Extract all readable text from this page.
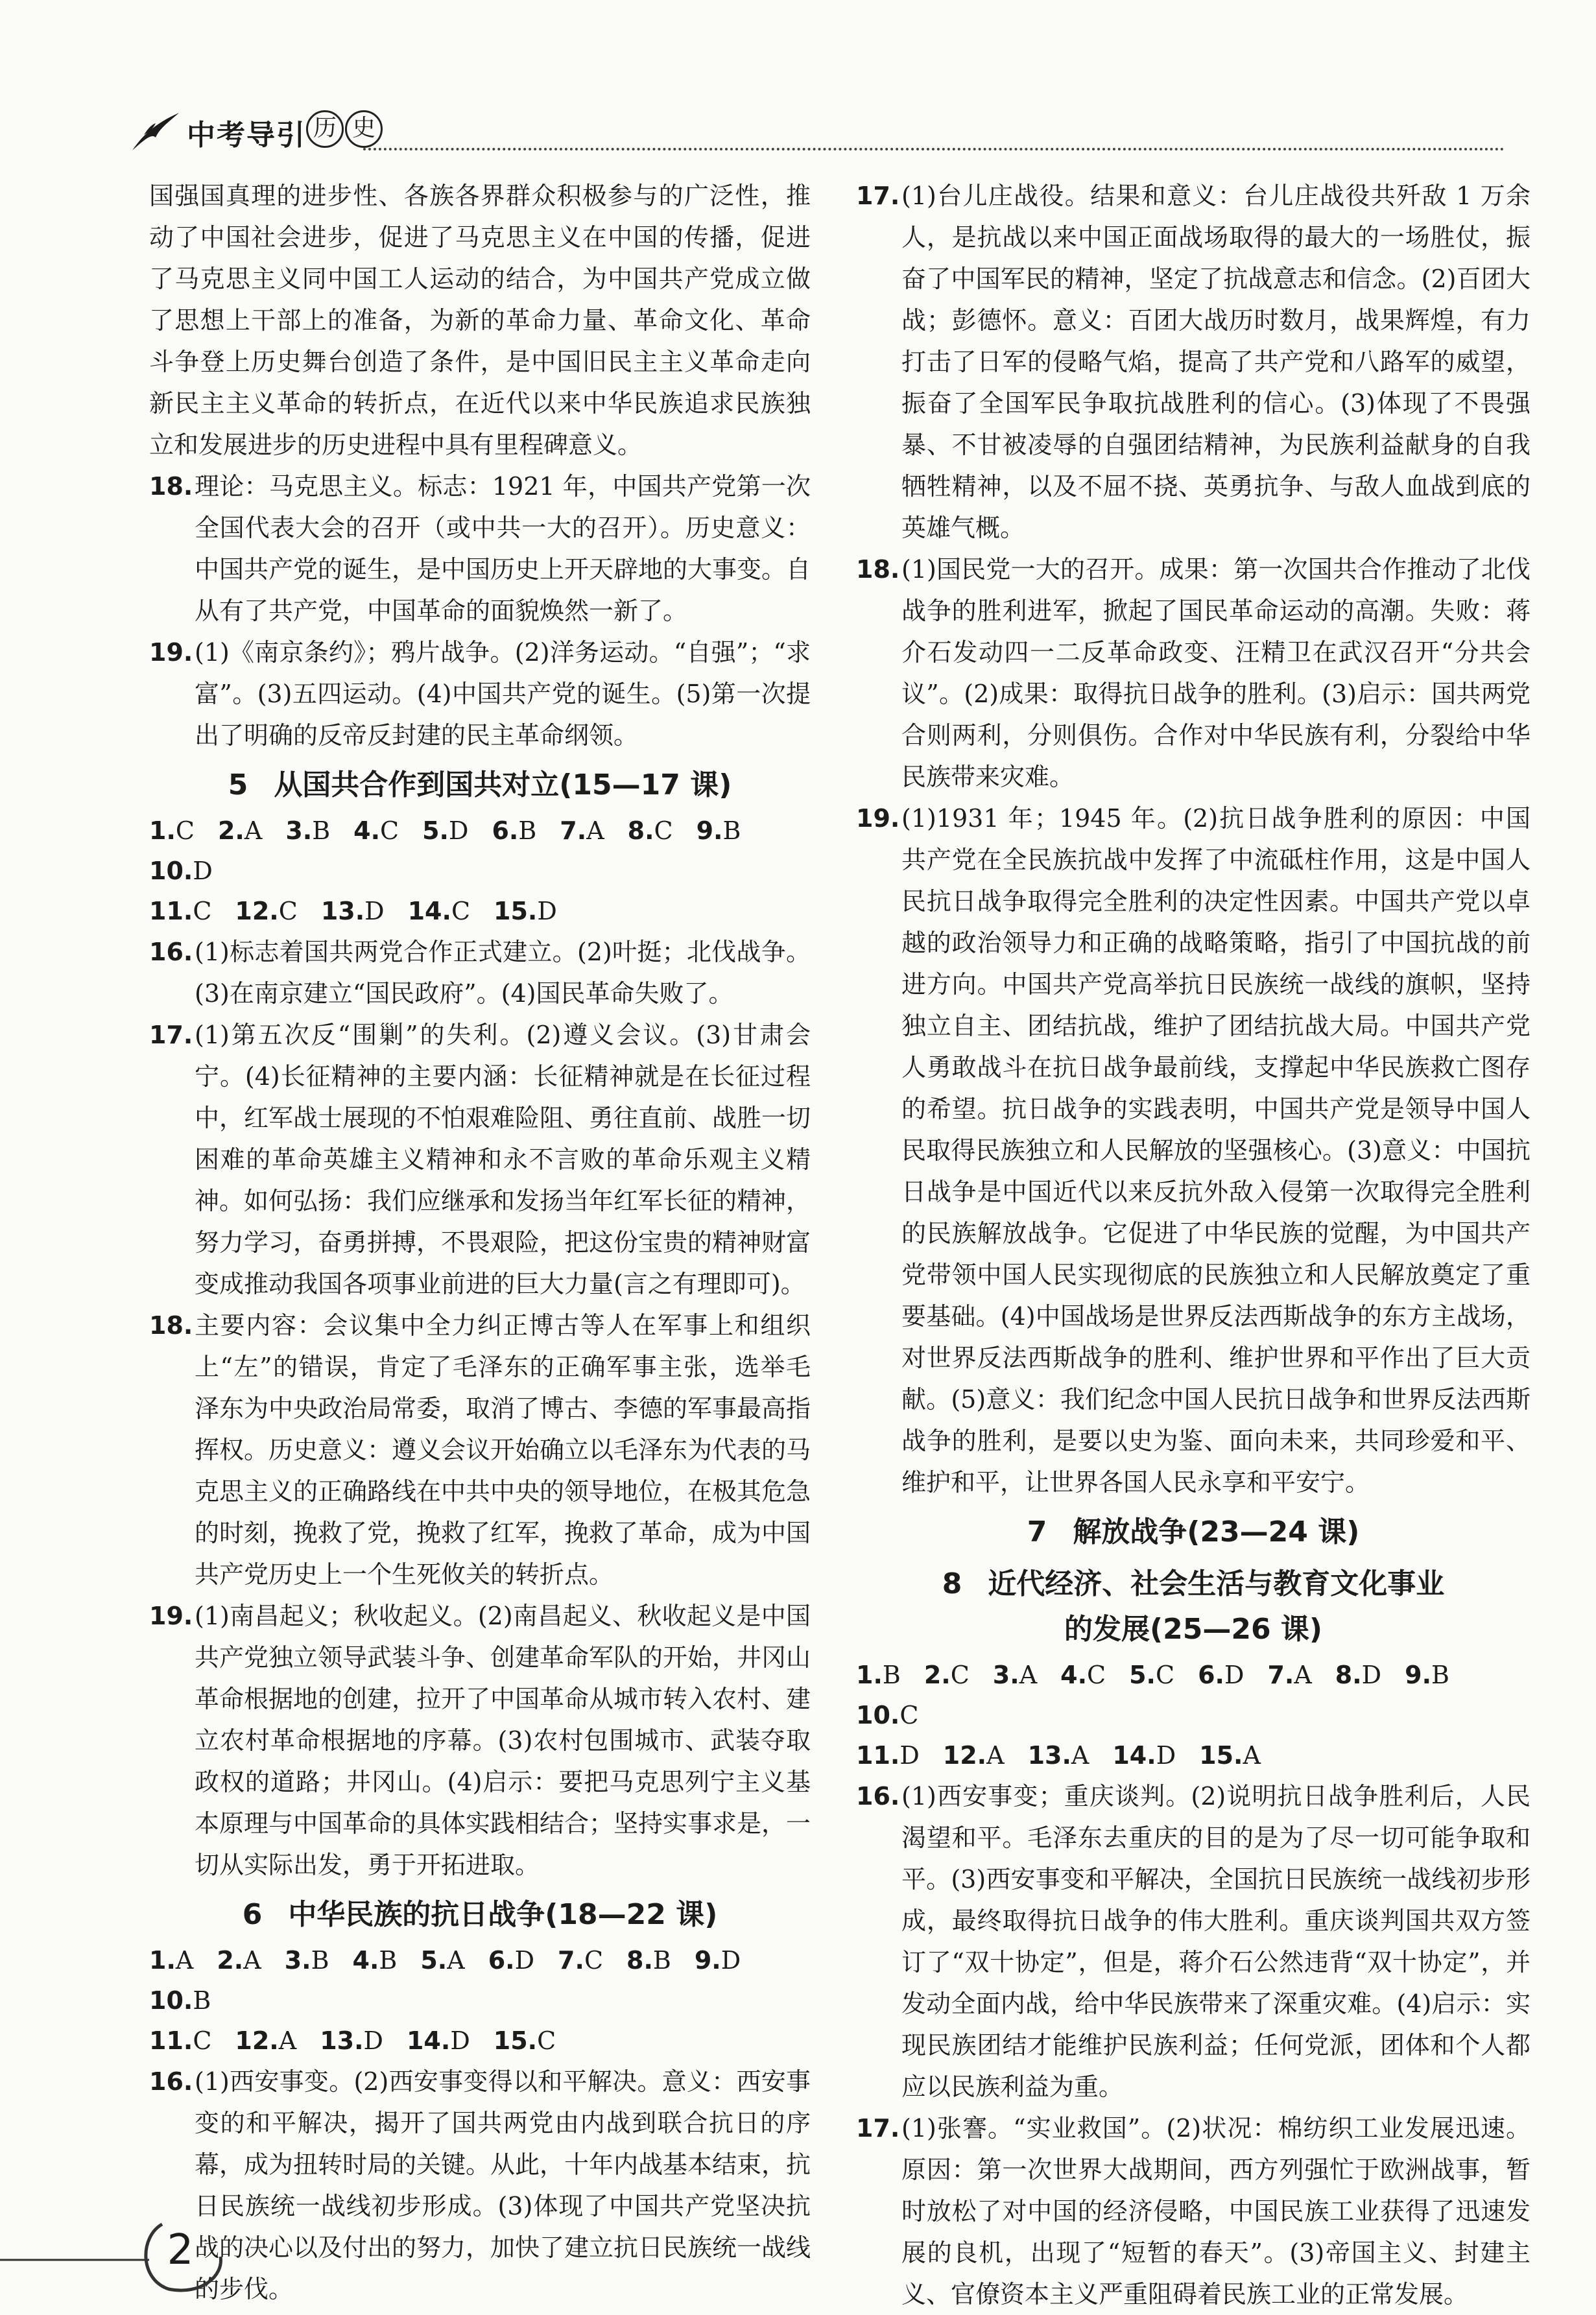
中考导引 历 史

国强国真理的进步性、各族各界群众积极参与的广泛性，推动了中国社会进步，促进了马克思主义在中国的传播，促进了马克思主义同中国工人运动的结合，为中国共产党成立做了思想上干部上的准备，为新的革命力量、革命文化、革命斗争登上历史舞台创造了条件，是中国旧民主主义革命走向新民主主义革命的转折点，在近代以来中华民族追求民族独立和发展进步的历史进程中具有里程碑意义。

18. 理论：马克思主义。标志：1921 年，中国共产党第一次全国代表大会的召开（或中共一大的召开）。历史意义：中国共产党的诞生，是中国历史上开天辟地的大事变。自从有了共产党，中国革命的面貌焕然一新了。
19. (1)《南京条约》；鸦片战争。(2)洋务运动。“自强”；“求富”。(3)五四运动。(4)中国共产党的诞生。(5)第一次提出了明确的反帝反封建的民主革命纲领。
5 从国共合作到国共对立(15—17 课)
1.C 2.A 3.B 4.C 5.D 6.B 7.A 8.C 9.B10.D
11.C 12.C 13.D 14.C 15.D
16. (1)标志着国共两党合作正式建立。(2)叶挺；北伐战争。(3)在南京建立“国民政府”。(4)国民革命失败了。
17. (1)第五次反“围剿”的失利。(2)遵义会议。(3)甘肃会宁。(4)长征精神的主要内涵：长征精神就是在长征过程中，红军战士展现的不怕艰难险阻、勇往直前、战胜一切困难的革命英雄主义精神和永不言败的革命乐观主义精神。如何弘扬：我们应继承和发扬当年红军长征的精神，努力学习，奋勇拼搏，不畏艰险，把这份宝贵的精神财富变成推动我国各项事业前进的巨大力量(言之有理即可)。
18. 主要内容：会议集中全力纠正博古等人在军事上和组织上“左”的错误，肯定了毛泽东的正确军事主张，选举毛泽东为中央政治局常委，取消了博古、李德的军事最高指挥权。历史意义：遵义会议开始确立以毛泽东为代表的马克思主义的正确路线在中共中央的领导地位，在极其危急的时刻，挽救了党，挽救了红军，挽救了革命，成为中国共产党历史上一个生死攸关的转折点。
19. (1)南昌起义；秋收起义。(2)南昌起义、秋收起义是中国共产党独立领导武装斗争、创建革命军队的开始，井冈山革命根据地的创建，拉开了中国革命从城市转入农村、建立农村革命根据地的序幕。(3)农村包围城市、武装夺取政权的道路；井冈山。(4)启示：要把马克思列宁主义基本原理与中国革命的具体实践相结合；坚持实事求是，一切从实际出发，勇于开拓进取。
6 中华民族的抗日战争(18—22 课)
1.A 2.A 3.B 4.B 5.A 6.D 7.C 8.B 9.D10.B
11.C 12.A 13.D 14.D 15.C
16. (1)西安事变。(2)西安事变得以和平解决。意义：西安事变的和平解决，揭开了国共两党由内战到联合抗日的序幕，成为扭转时局的关键。从此，十年内战基本结束，抗日民族统一战线初步形成。(3)体现了中国共产党坚决抗战的决心以及付出的努力，加快了建立抗日民族统一战线的步伐。
17. (1)台儿庄战役。结果和意义：台儿庄战役共歼敌 1 万余人，是抗战以来中国正面战场取得的最大的一场胜仗，振奋了中国军民的精神，坚定了抗战意志和信念。(2)百团大战；彭德怀。意义：百团大战历时数月，战果辉煌，有力打击了日军的侵略气焰，提高了共产党和八路军的威望，振奋了全国军民争取抗战胜利的信心。(3)体现了不畏强暴、不甘被凌辱的自强团结精神，为民族利益献身的自我牺牲精神，以及不屈不挠、英勇抗争、与敌人血战到底的英雄气概。
18. (1)国民党一大的召开。成果：第一次国共合作推动了北伐战争的胜利进军，掀起了国民革命运动的高潮。失败：蒋介石发动四一二反革命政变、汪精卫在武汉召开“分共会议”。(2)成果：取得抗日战争的胜利。(3)启示：国共两党合则两利，分则俱伤。合作对中华民族有利，分裂给中华民族带来灾难。
19. (1)1931 年；1945 年。(2)抗日战争胜利的原因：中国共产党在全民族抗战中发挥了中流砥柱作用，这是中国人民抗日战争取得完全胜利的决定性因素。中国共产党以卓越的政治领导力和正确的战略策略，指引了中国抗战的前进方向。中国共产党高举抗日民族统一战线的旗帜，坚持独立自主、团结抗战，维护了团结抗战大局。中国共产党人勇敢战斗在抗日战争最前线，支撑起中华民族救亡图存的希望。抗日战争的实践表明，中国共产党是领导中国人民取得民族独立和人民解放的坚强核心。(3)意义：中国抗日战争是中国近代以来反抗外敌入侵第一次取得完全胜利的民族解放战争。它促进了中华民族的觉醒，为中国共产党带领中国人民实现彻底的民族独立和人民解放奠定了重要基础。(4)中国战场是世界反法西斯战争的东方主战场，对世界反法西斯战争的胜利、维护世界和平作出了巨大贡献。(5)意义：我们纪念中国人民抗日战争和世界反法西斯战争的胜利，是要以史为鉴、面向未来，共同珍爱和平、维护和平，让世界各国人民永享和平安宁。
7 解放战争(23—24 课)
8 近代经济、社会生活与教育文化事业
的发展(25—26 课)
1.B 2.C 3.A 4.C 5.C 6.D 7.A 8.D 9.B10.C
11.D 12.A 13.A 14.D 15.A
16. (1)西安事变；重庆谈判。(2)说明抗日战争胜利后，人民渴望和平。毛泽东去重庆的目的是为了尽一切可能争取和平。(3)西安事变和平解决，全国抗日民族统一战线初步形成，最终取得抗日战争的伟大胜利。重庆谈判国共双方签订了“双十协定”，但是，蒋介石公然违背“双十协定”，并发动全面内战，给中华民族带来了深重灾难。(4)启示：实现民族团结才能维护民族利益；任何党派，团体和个人都应以民族利益为重。
17. (1)张謇。“实业救国”。(2)状况：棉纺织工业发展迅速。原因：第一次世界大战期间，西方列强忙于欧洲战事，暂时放松了对中国的经济侵略，中国民族工业获得了迅速发展的良机，出现了“短暂的春天”。(3)帝国主义、封建主义、官僚资本主义严重阻碍着民族工业的正常发展。
2
